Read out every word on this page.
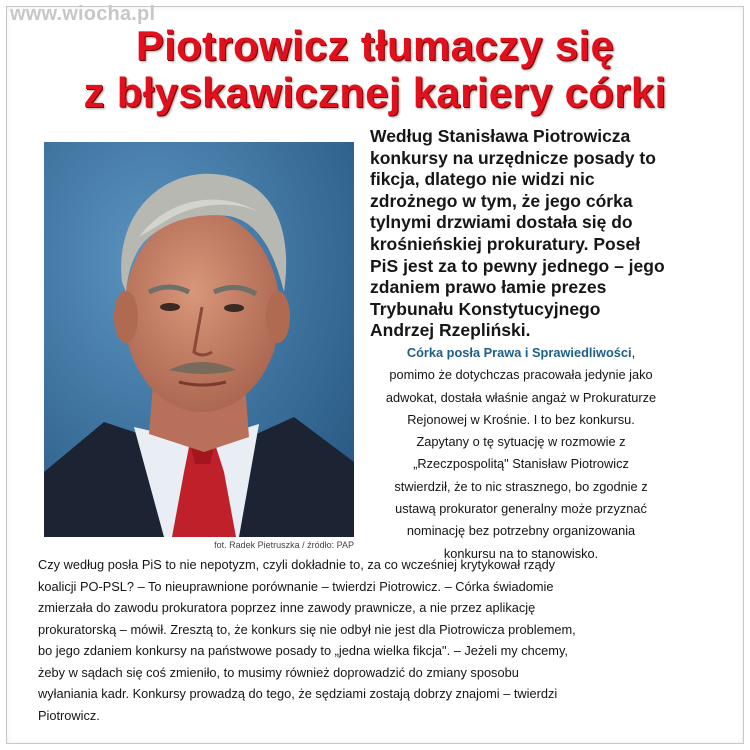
www.wiocha.pl
Piotrowicz tłumaczy się
z błyskawicznej kariery córki
fot. Radek Pietruszka / źródło: PAP
Według Stanisława Piotrowicza
konkursy na urzędnicze posady to
fikcja, dlatego nie widzi nic
zdrożnego w tym, że jego córka
tylnymi drzwiami dostała się do
krośnieńskiej prokuratury. Poseł
PiS jest za to pewny jednego – jego
zdaniem prawo łamie prezes
Trybunału Konstytucyjnego
Andrzej Rzepliński.
Córka posła Prawa i Sprawiedliwości,
pomimo że dotychczas pracowała jedynie jako
adwokat, dostała właśnie angaż w Prokuraturze
Rejonowej w Krośnie. I to bez konkursu.
Zapytany o tę sytuację w rozmowie z
„Rzeczpospolitą" Stanisław Piotrowicz
stwierdził, że to nic strasznego, bo zgodnie z
ustawą prokurator generalny może przyznać
nominację bez potrzebny organizowania
konkursu na to stanowisko.
Czy według posła PiS to nie nepotyzm, czyli dokładnie to, za co wcześniej krytykował rządy
koalicji PO-PSL? – To nieuprawnione porównanie – twierdzi Piotrowicz. – Córka świadomie
zmierzała do zawodu prokuratora poprzez inne zawody prawnicze, a nie przez aplikację
prokuratorską – mówił. Zresztą to, że konkurs się nie odbył nie jest dla Piotrowicza problemem,
bo jego zdaniem konkursy na państwowe posady to „jedna wielka fikcja". – Jeżeli my chcemy,
żeby w sądach się coś zmieniło, to musimy również doprowadzić do zmiany sposobu
wyłaniania kadr. Konkursy prowadzą do tego, że sędziami zostają dobrzy znajomi – twierdzi
Piotrowicz.
